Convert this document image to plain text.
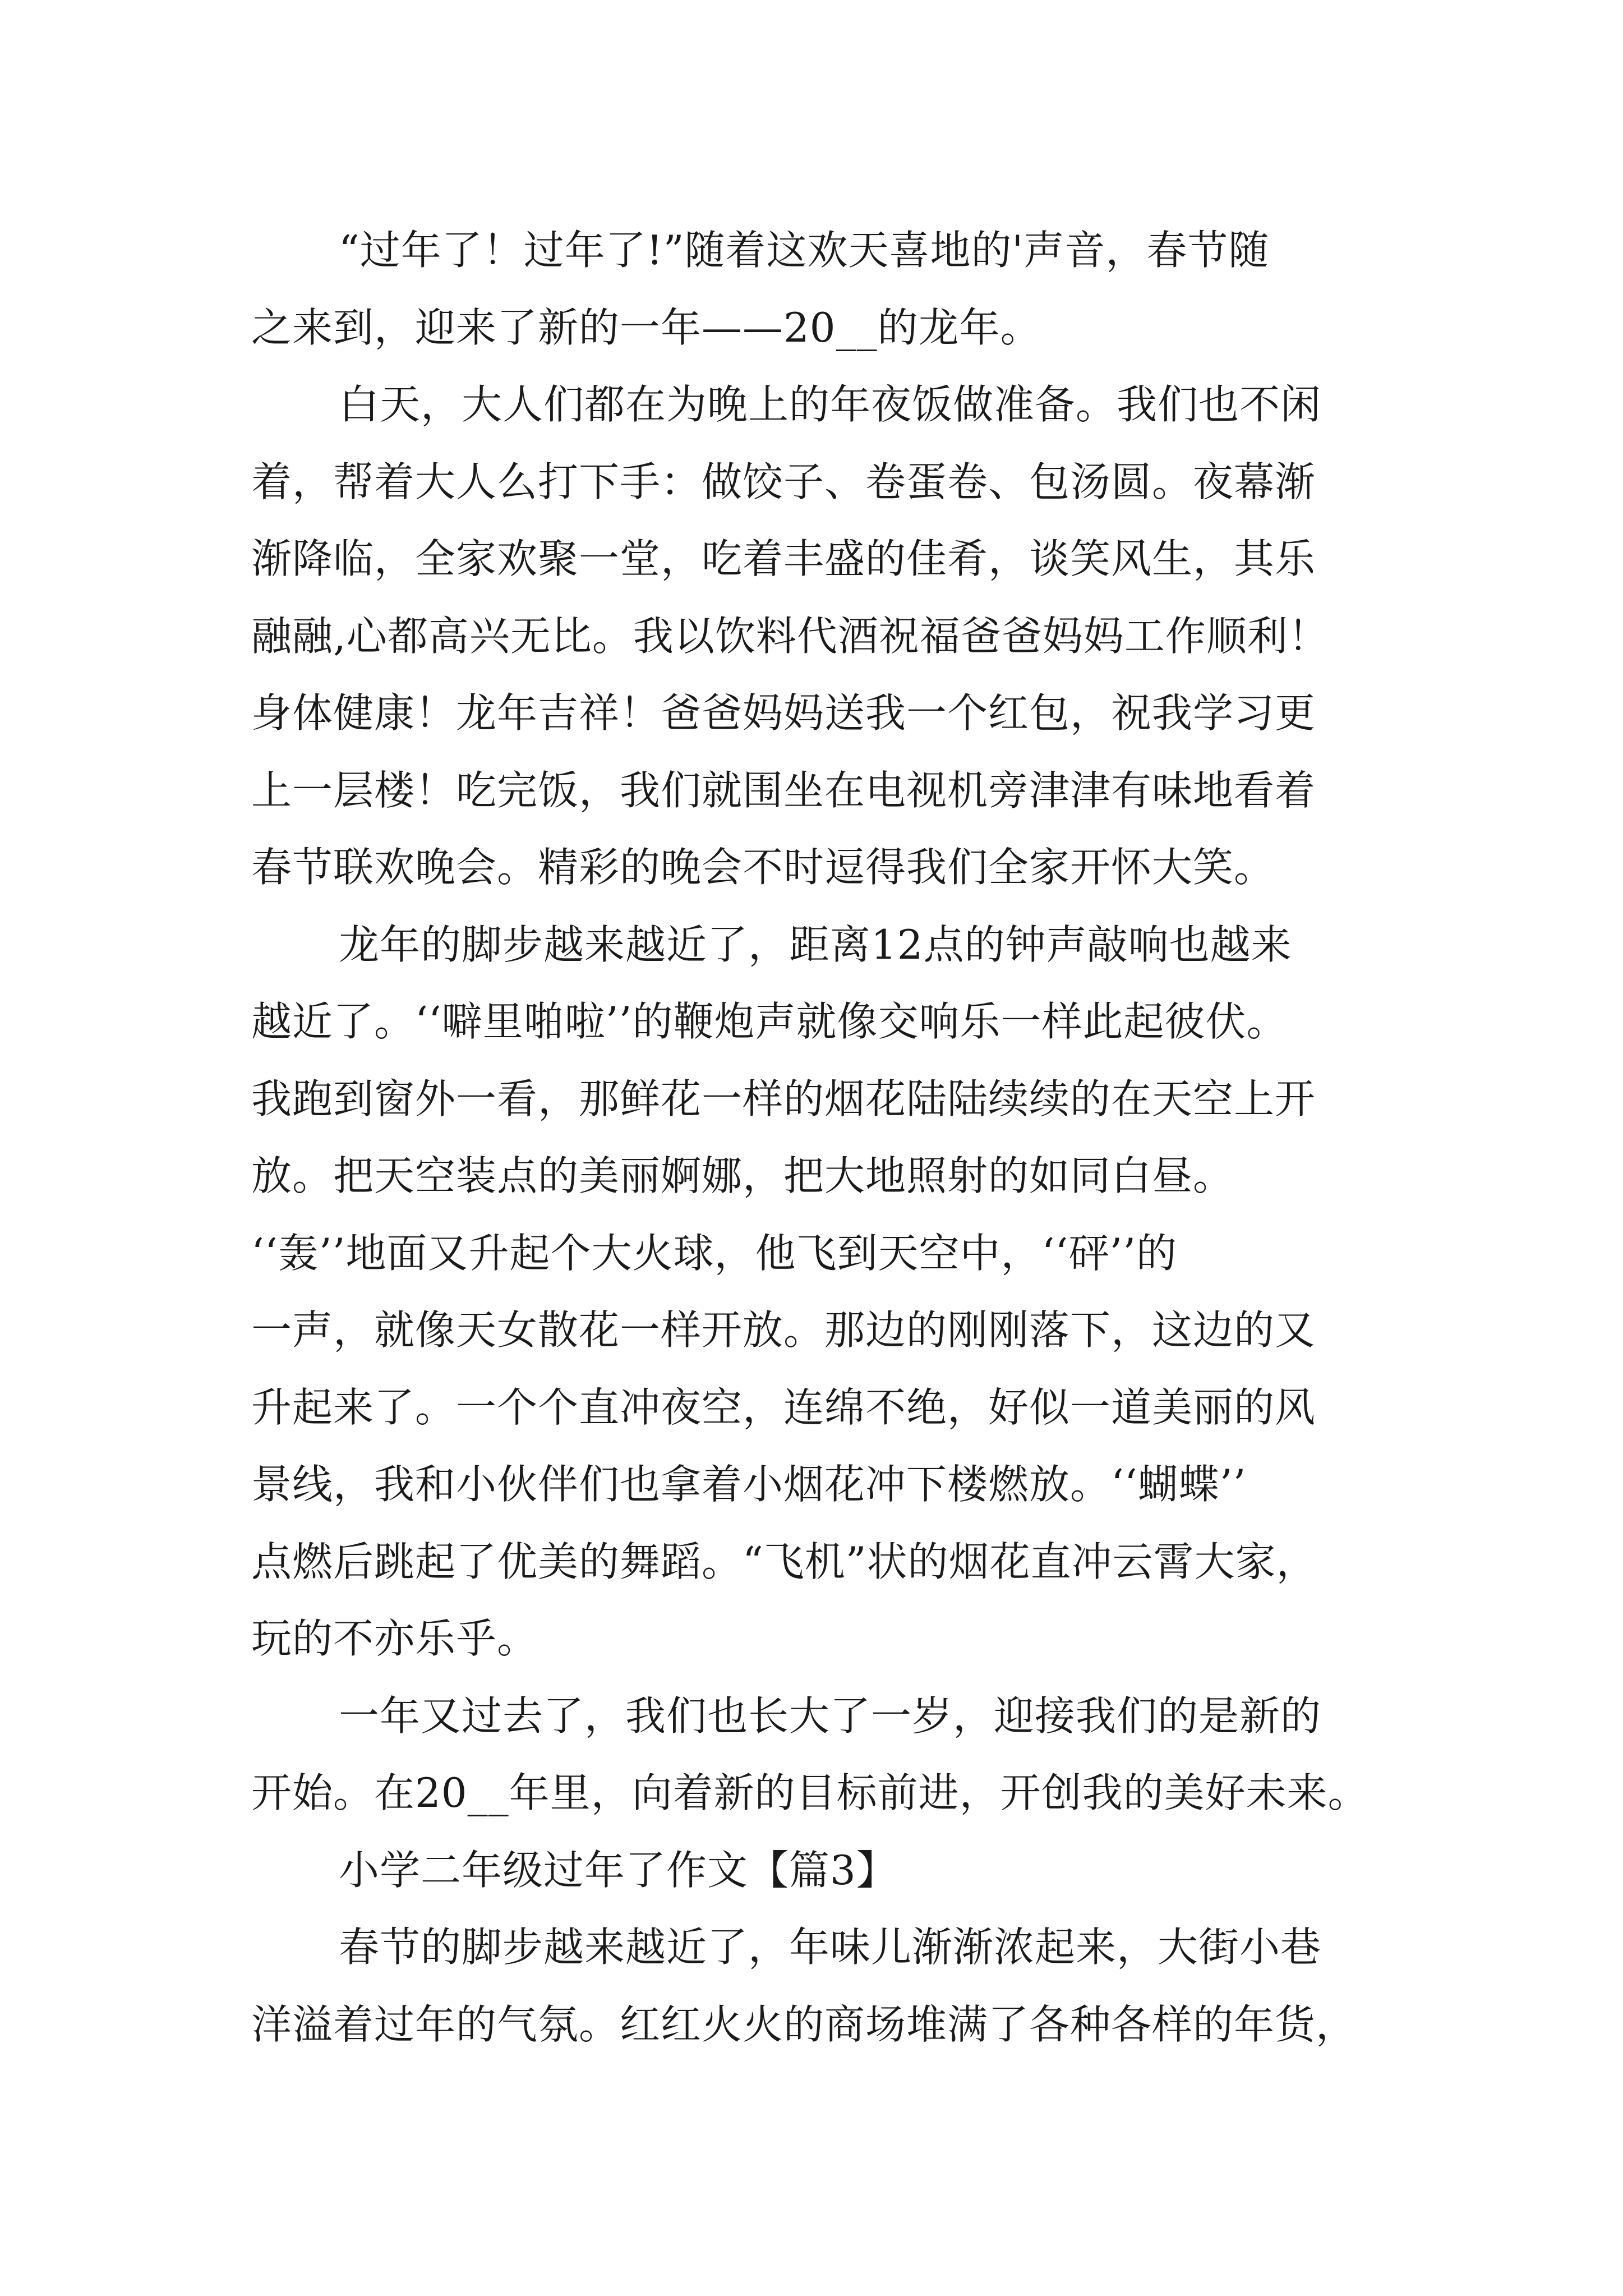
“过年了！过年了!”随着这欢天喜地的'声音，春节随
之来到，迎来了新的一年——20__的龙年。
白天，大人们都在为晚上的年夜饭做准备。我们也不闲
着，帮着大人么打下手：做饺子、卷蛋卷、包汤圆。夜幕渐
渐降临，全家欢聚一堂，吃着丰盛的佳肴，谈笑风生，其乐
融融,心都高兴无比。我以饮料代酒祝福爸爸妈妈工作顺利！
身体健康！龙年吉祥！爸爸妈妈送我一个红包，祝我学习更
上一层楼！吃完饭，我们就围坐在电视机旁津津有味地看着
春节联欢晚会。精彩的晚会不时逗得我们全家开怀大笑。
龙年的脚步越来越近了，距离12点的钟声敲响也越来
越近了。‘‘噼里啪啦’’的鞭炮声就像交响乐一样此起彼伏。
我跑到窗外一看，那鲜花一样的烟花陆陆续续的在天空上开
放。把天空装点的美丽婀娜，把大地照射的如同白昼。
‘‘轰’’地面又升起个大火球，他飞到天空中，‘‘砰’’的
一声，就像天女散花一样开放。那边的刚刚落下，这边的又
升起来了。一个个直冲夜空，连绵不绝，好似一道美丽的风
景线，我和小伙伴们也拿着小烟花冲下楼燃放。‘‘蝴蝶’’
点燃后跳起了优美的舞蹈。“飞机”状的烟花直冲云霄大家，
玩的不亦乐乎。
一年又过去了，我们也长大了一岁，迎接我们的是新的
开始。在20__年里，向着新的目标前进，开创我的美好未来。
小学二年级过年了作文【篇3】
春节的脚步越来越近了，年味儿渐渐浓起来，大街小巷
洋溢着过年的气氛。红红火火的商场堆满了各种各样的年货，
